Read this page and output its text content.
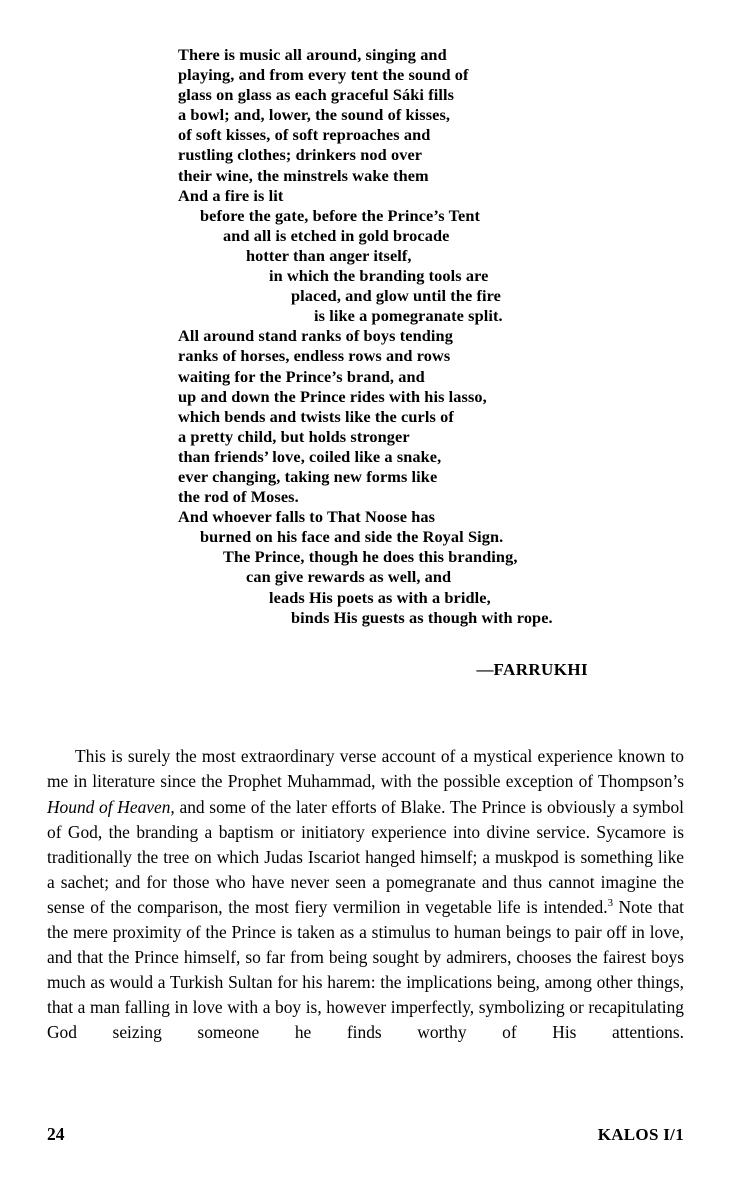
There is music all around, singing and
playing, and from every tent the sound of
glass on glass as each graceful Sáki fills
a bowl; and, lower, the sound of kisses,
of soft kisses, of soft reproaches and
rustling clothes; drinkers nod over
their wine, the minstrels wake them
And a fire is lit
before the gate, before the Prince’s Tent
and all is etched in gold brocade
hotter than anger itself,
in which the branding tools are
placed, and glow until the fire
is like a pomegranate split.
All around stand ranks of boys tending
ranks of horses, endless rows and rows
waiting for the Prince’s brand, and
up and down the Prince rides with his lasso,
which bends and twists like the curls of
a pretty child, but holds stronger
than friends’ love, coiled like a snake,
ever changing, taking new forms like
the rod of Moses.
And whoever falls to That Noose has
burned on his face and side the Royal Sign.
The Prince, though he does this branding,
can give rewards as well, and
leads His poets as with a bridle,
binds His guests as though with rope.
—FARRUKHI

This is surely the most extraordinary verse account of a mystical experience known to me in literature since the Prophet Muhammad, with the possible exception of Thompson’s Hound of Heaven, and some of the later efforts of Blake. The Prince is obviously a symbol of God, the branding a baptism or initiatory experience into divine service. Sycamore is traditionally the tree on which Judas Iscariot hanged himself; a muskpod is something like a sachet; and for those who have never seen a pomegranate and thus cannot imagine the sense of the comparison, the most fiery vermilion in vegetable life is intended.$^3$ Note that the mere proximity of the Prince is taken as a stimulus to human beings to pair off in love, and that the Prince himself, so far from being sought by admirers, chooses the fairest boys much as would a Turkish Sultan for his harem: the implications being, among other things, that a man falling in love with a boy is, however imperfectly, symbolizing or recapitulating God seizing someone he finds worthy of His attentions.

24	KALOS I/1
